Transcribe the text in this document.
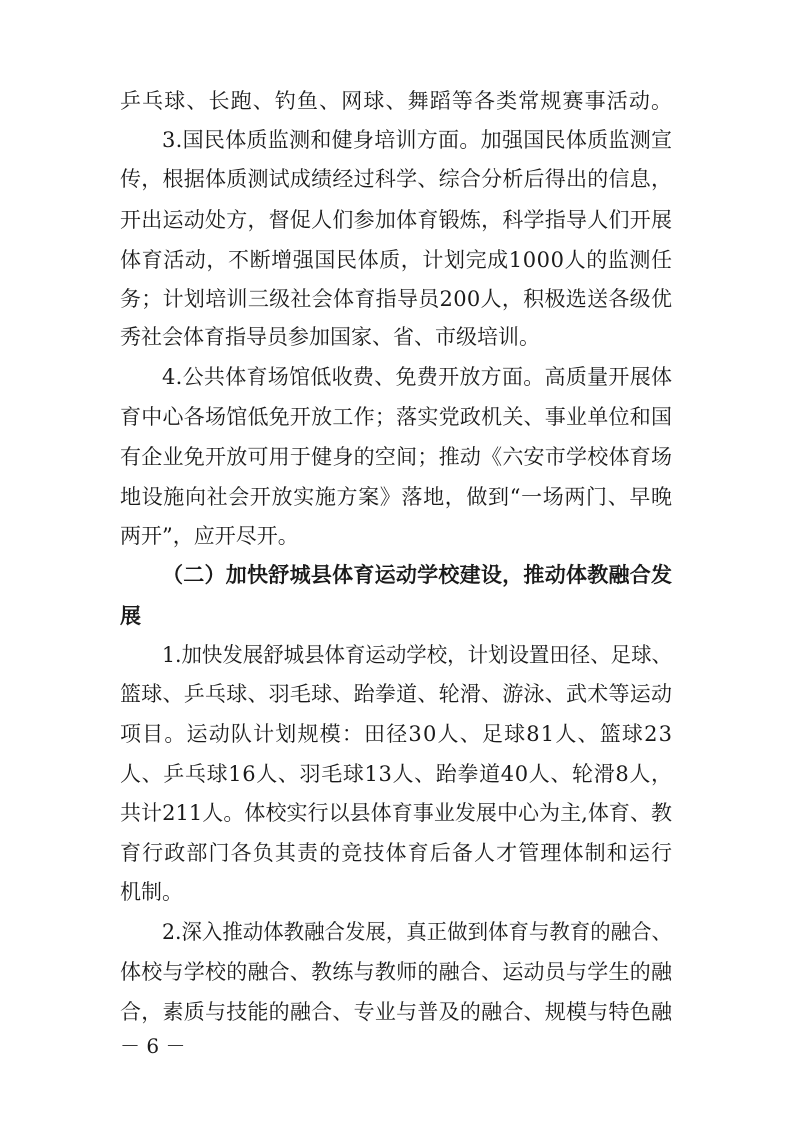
乒乓球、长跑、钓鱼、网球、舞蹈等各类常规赛事活动。
3.国民体质监测和健身培训方面。加强国民体质监测宣
传，根据体质测试成绩经过科学、综合分析后得出的信息，
开出运动处方，督促人们参加体育锻炼，科学指导人们开展
体育活动，不断增强国民体质，计划完成1000人的监测任
务；计划培训三级社会体育指导员200人，积极选送各级优
秀社会体育指导员参加国家、省、市级培训。
4.公共体育场馆低收费、免费开放方面。高质量开展体
育中心各场馆低免开放工作；落实党政机关、事业单位和国
有企业免开放可用于健身的空间；推动《六安市学校体育场
地设施向社会开放实施方案》落地，做到“一场两门、早晚
两开”，应开尽开。
（二）加快舒城县体育运动学校建设，推动体教融合发
展
1.加快发展舒城县体育运动学校，计划设置田径、足球、
篮球、乒乓球、羽毛球、跆拳道、轮滑、游泳、武术等运动
项目。运动队计划规模：田径30人、足球81人、篮球23
人、乒乓球16人、羽毛球13人、跆拳道40人、轮滑8人，
共计211人。体校实行以县体育事业发展中心为主,体育、教
育行政部门各负其责的竞技体育后备人才管理体制和运行
机制。
2.深入推动体教融合发展，真正做到体育与教育的融合、
体校与学校的融合、教练与教师的融合、运动员与学生的融
合，素质与技能的融合、专业与普及的融合、规模与特色融
－ 6 －
